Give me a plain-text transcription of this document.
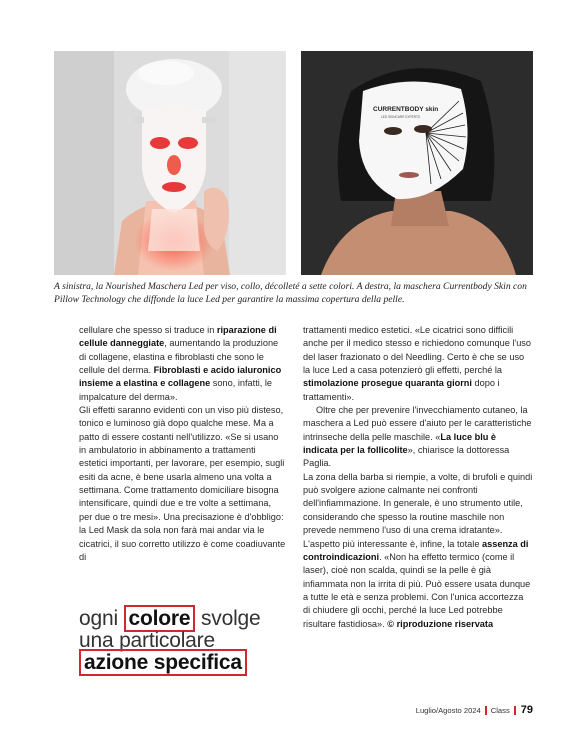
CURRENTBODY skin
LED SKINCARE EXPERTS
A sinistra, la Nourished Maschera Led per viso, collo, décolleté a sette colori. A destra, la maschera Currentbody Skin con Pillow Technology che diffonde la luce Led per garantire la massima copertura della pelle.

cellulare che spesso si traduce in riparazione di cellule danneggiate, aumentando la produzione di collagene, elastina e fibroblasti che sono le cellule del derma. Fibroblasti e acido ialuronico insieme a elastina e collagene sono, infatti, le impalcature del derma».

Gli effetti saranno evidenti con un viso più disteso, tonico e luminoso già dopo qualche mese. Ma a patto di essere costanti nell'utilizzo. «Se si usano in ambulatorio in abbinamento a trattamenti estetici importanti, per lavorare, per esempio, sugli esiti da acne, è bene usarla almeno una volta a settimana. Come trattamento domiciliare bisogna intensificare, quindi due e tre volte a settimana, per due o tre mesi». Una precisazione è d'obbligo: la Led Mask da sola non farà mai andar via le cicatrici, il suo corretto utilizzo è come coadiuvante di

trattamenti medico estetici. «Le cicatrici sono difficili anche per il medico stesso e richiedono comunque l'uso del laser frazionato o del Needling. Certo è che se uso la luce Led a casa potenzierò gli effetti, perché la stimolazione prosegue quaranta giorni dopo i trattamenti».

Oltre che per prevenire l'invecchiamento cutaneo, la maschera a Led può essere d'aiuto per le caratteristiche intrinseche della pelle maschile. «La luce blu è indicata per la follicolite», chiarisce la dottoressa Paglia.

La zona della barba si riempie, a volte, di brufoli e quindi può svolgere azione calmante nei confronti dell'infiammazione. In generale, è uno strumento utile, considerando che spesso la routine maschile non prevede nemmeno l'uso di una crema idratante». L'aspetto più interessante è, infine, la totale assenza di controindicazioni. «Non ha effetto termico (come il laser), cioè non scalda, quindi se la pelle è già infiammata non la irrita di più. Può essere usata dunque a tutte le età e senza problemi. Con l'unica accortezza di chiudere gli occhi, perché la luce Led potrebbe risultare fastidiosa». © riproduzione riservata

ogni colore svolge
una particolare
azione specifica
Luglio/Agosto 2024 Class 79
